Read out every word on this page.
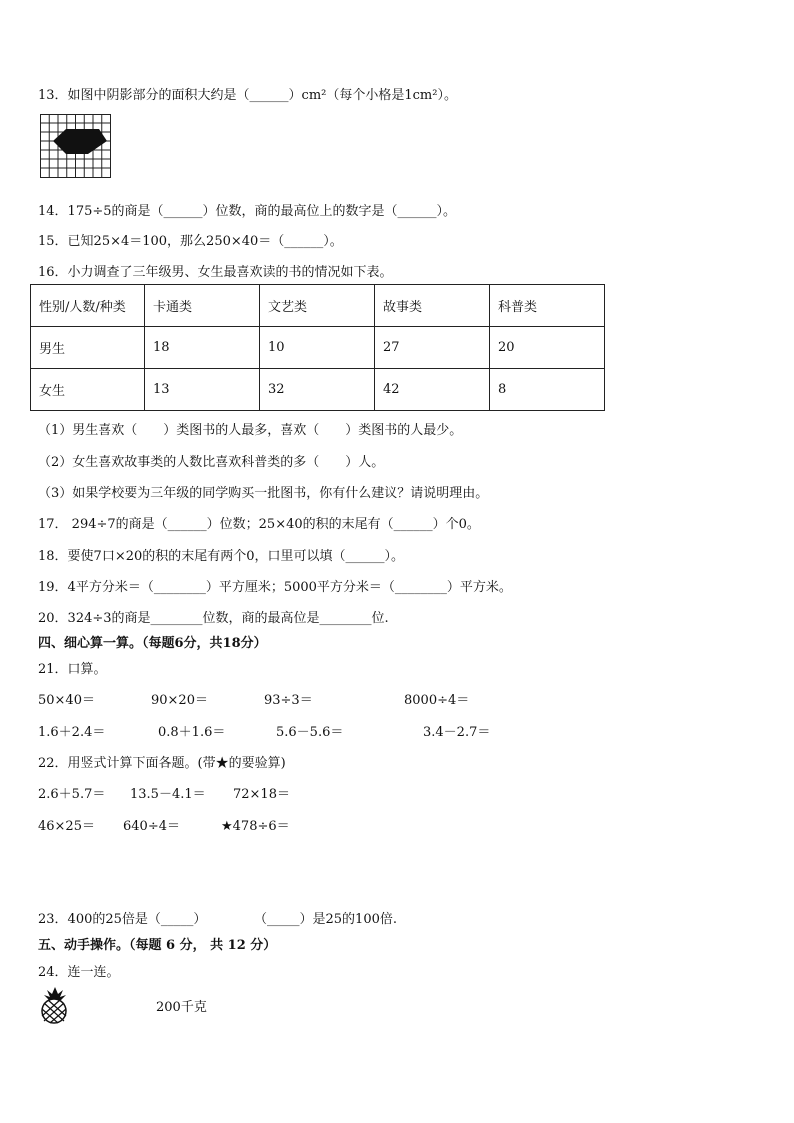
13．如图中阴影部分的面积大约是（______）cm²（每个小格是1cm²）。
14．175÷5的商是（______）位数，商的最高位上的数字是（______）。
15．已知25×4＝100，那么250×40＝（______）。
16．小力调查了三年级男、女生最喜欢读的书的情况如下表。
性别/人数/种类	卡通类	文艺类	故事类	科普类
男生	18	10	27	20
女生	13	32	42	8
（1）男生喜欢（　　）类图书的人最多，喜欢（　　）类图书的人最少。
（2）女生喜欢故事类的人数比喜欢科普类的多（　　）人。
（3）如果学校要为三年级的同学购买一批图书，你有什么建议？请说明理由。
17． 294÷7的商是（______）位数；25×40的积的末尾有（______）个0。
18．要使7口×20的积的末尾有两个0，口里可以填（______）。
19．4平方分米＝（________）平方厘米；5000平方分米＝（________）平方米。
20．324÷3的商是________位数，商的最高位是________位.
四、细心算一算。（每题6分，共18分）
21．口算。
50×40＝	90×20＝	93÷3＝	8000÷4＝
1.6＋2.4＝	0.8＋1.6＝	5.6－5.6＝	3.4－2.7＝
22．用竖式计算下面各题。(带★的要验算)
2.6＋5.7＝ 13.5－4.1＝ 72×18＝
46×25＝ 640÷4＝	★478÷6＝
23．400的25倍是（_____）	（_____）是25的100倍.
五、动手操作。（每题 6 分， 共 12 分）
24．连一连。
200千克
